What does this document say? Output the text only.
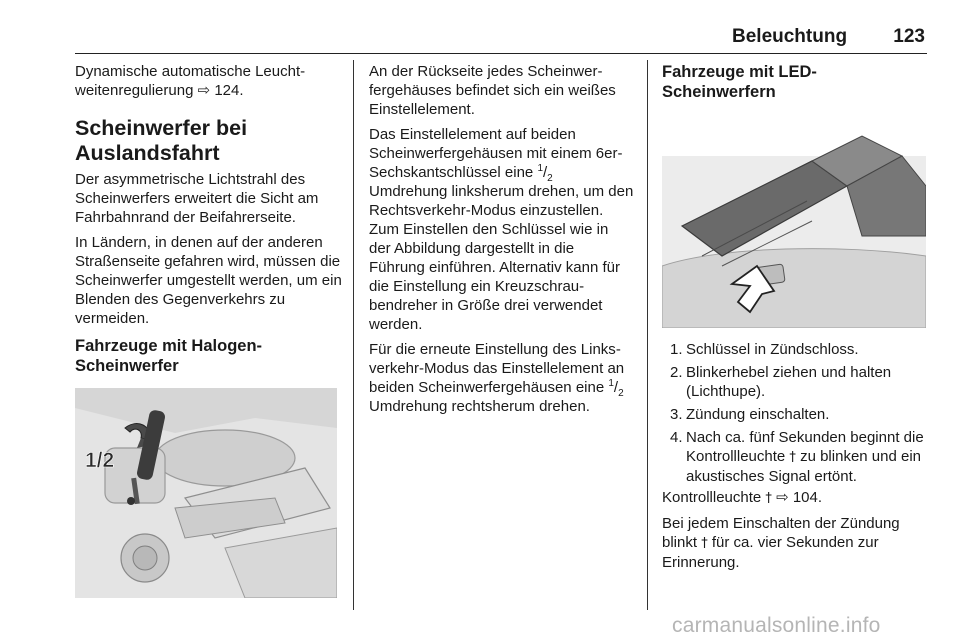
Beleuchtung 123

Dynamische automatische Leuchtweitenregulierung ⇨ 124.

Scheinwerfer bei Auslandsfahrt

Der asymmetrische Lichtstrahl des Scheinwerfers erweitert die Sicht am Fahrbahnrand der Beifahrerseite.

In Ländern, in denen auf der anderen Straßenseite gefahren wird, müssen die Scheinwerfer umgestellt werden, um ein Blenden des Gegenverkehrs zu vermeiden.

Fahrzeuge mit Halogen-Scheinwerfer
1/2

An der Rückseite jedes Scheinwerfergehäuses befindet sich ein weißes Einstellelement.

Das Einstellelement auf beiden Scheinwerfergehäusen mit einem 6er-Sechskantschlüssel eine $^1/_2$ Umdrehung linksherum drehen, um den Rechtsverkehr-Modus einzustellen. Zum Einstellen den Schlüssel wie in der Abbildung dargestellt in die Führung einführen. Alternativ kann für die Einstellung ein Kreuzschraubendreher in Größe drei verwendet werden.

Für die erneute Einstellung des Linksverkehr-Modus das Einstellelement an beiden Scheinwerfergehäusen eine $^1/_2$ Umdrehung rechtsherum drehen.

Fahrzeuge mit LED-Scheinwerfern
1. Schlüssel in Zündschloss.
2. Blinkerhebel ziehen und halten (Lichthupe).
3. Zündung einschalten.
4. Nach ca. fünf Sekunden beginnt die Kontrollleuchte † zu blinken und ein akustisches Signal ertönt.

Kontrollleuchte † ⇨ 104.

Bei jedem Einschalten der Zündung blinkt † für ca. vier Sekunden zur Erinnerung.

carmanualsonline.info
